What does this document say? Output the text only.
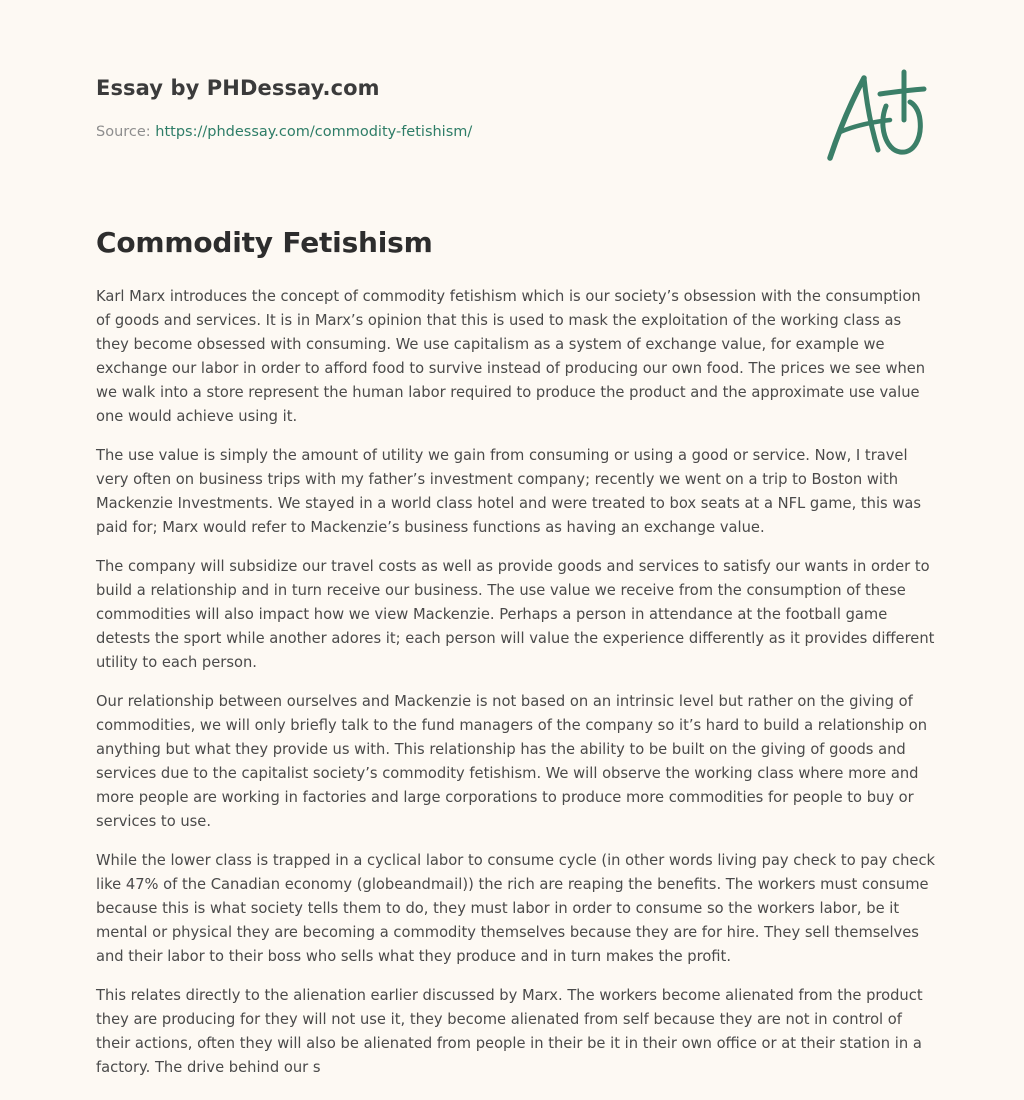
Essay by PHDessay.com
Source: https://phdessay.com/commodity-fetishism/
Commodity Fetishism

Karl Marx introduces the concept of commodity fetishism which is our society’s obsession with the consumption of goods and services. It is in Marx’s opinion that this is used to mask the exploitation of the working class as they become obsessed with consuming. We use capitalism as a system of exchange value, for example we exchange our labor in order to afford food to survive instead of producing our own food. The prices we see when we walk into a store represent the human labor required to produce the product and the approximate use value one would achieve using it.

The use value is simply the amount of utility we gain from consuming or using a good or service. Now, I travel very often on business trips with my father’s investment company; recently we went on a trip to Boston with Mackenzie Investments. We stayed in a world class hotel and were treated to box seats at a NFL game, this was paid for; Marx would refer to Mackenzie’s business functions as having an exchange value.

The company will subsidize our travel costs as well as provide goods and services to satisfy our wants in order to build a relationship and in turn receive our business. The use value we receive from the consumption of these commodities will also impact how we view Mackenzie. Perhaps a person in attendance at the football game detests the sport while another adores it; each person will value the experience differently as it provides different utility to each person.

Our relationship between ourselves and Mackenzie is not based on an intrinsic level but rather on the giving of commodities, we will only briefly talk to the fund managers of the company so it’s hard to build a relationship on anything but what they provide us with. This relationship has the ability to be built on the giving of goods and services due to the capitalist society’s commodity fetishism. We will observe the working class where more and more people are working in factories and large corporations to produce more commodities for people to buy or services to use.

While the lower class is trapped in a cyclical labor to consume cycle (in other words living pay check to pay check like 47% of the Canadian economy (globeandmail)) the rich are reaping the benefits. The workers must consume because this is what society tells them to do, they must labor in order to consume so the workers labor, be it mental or physical they are becoming a commodity themselves because they are for hire. They sell themselves and their labor to their boss who sells what they produce and in turn makes the profit.

This relates directly to the alienation earlier discussed by Marx. The workers become alienated from the product they are producing for they will not use it, they become alienated from self because they are not in control of their actions, often they will also be alienated from people in their be it in their own office or at their station in a factory. The drive behind our s
